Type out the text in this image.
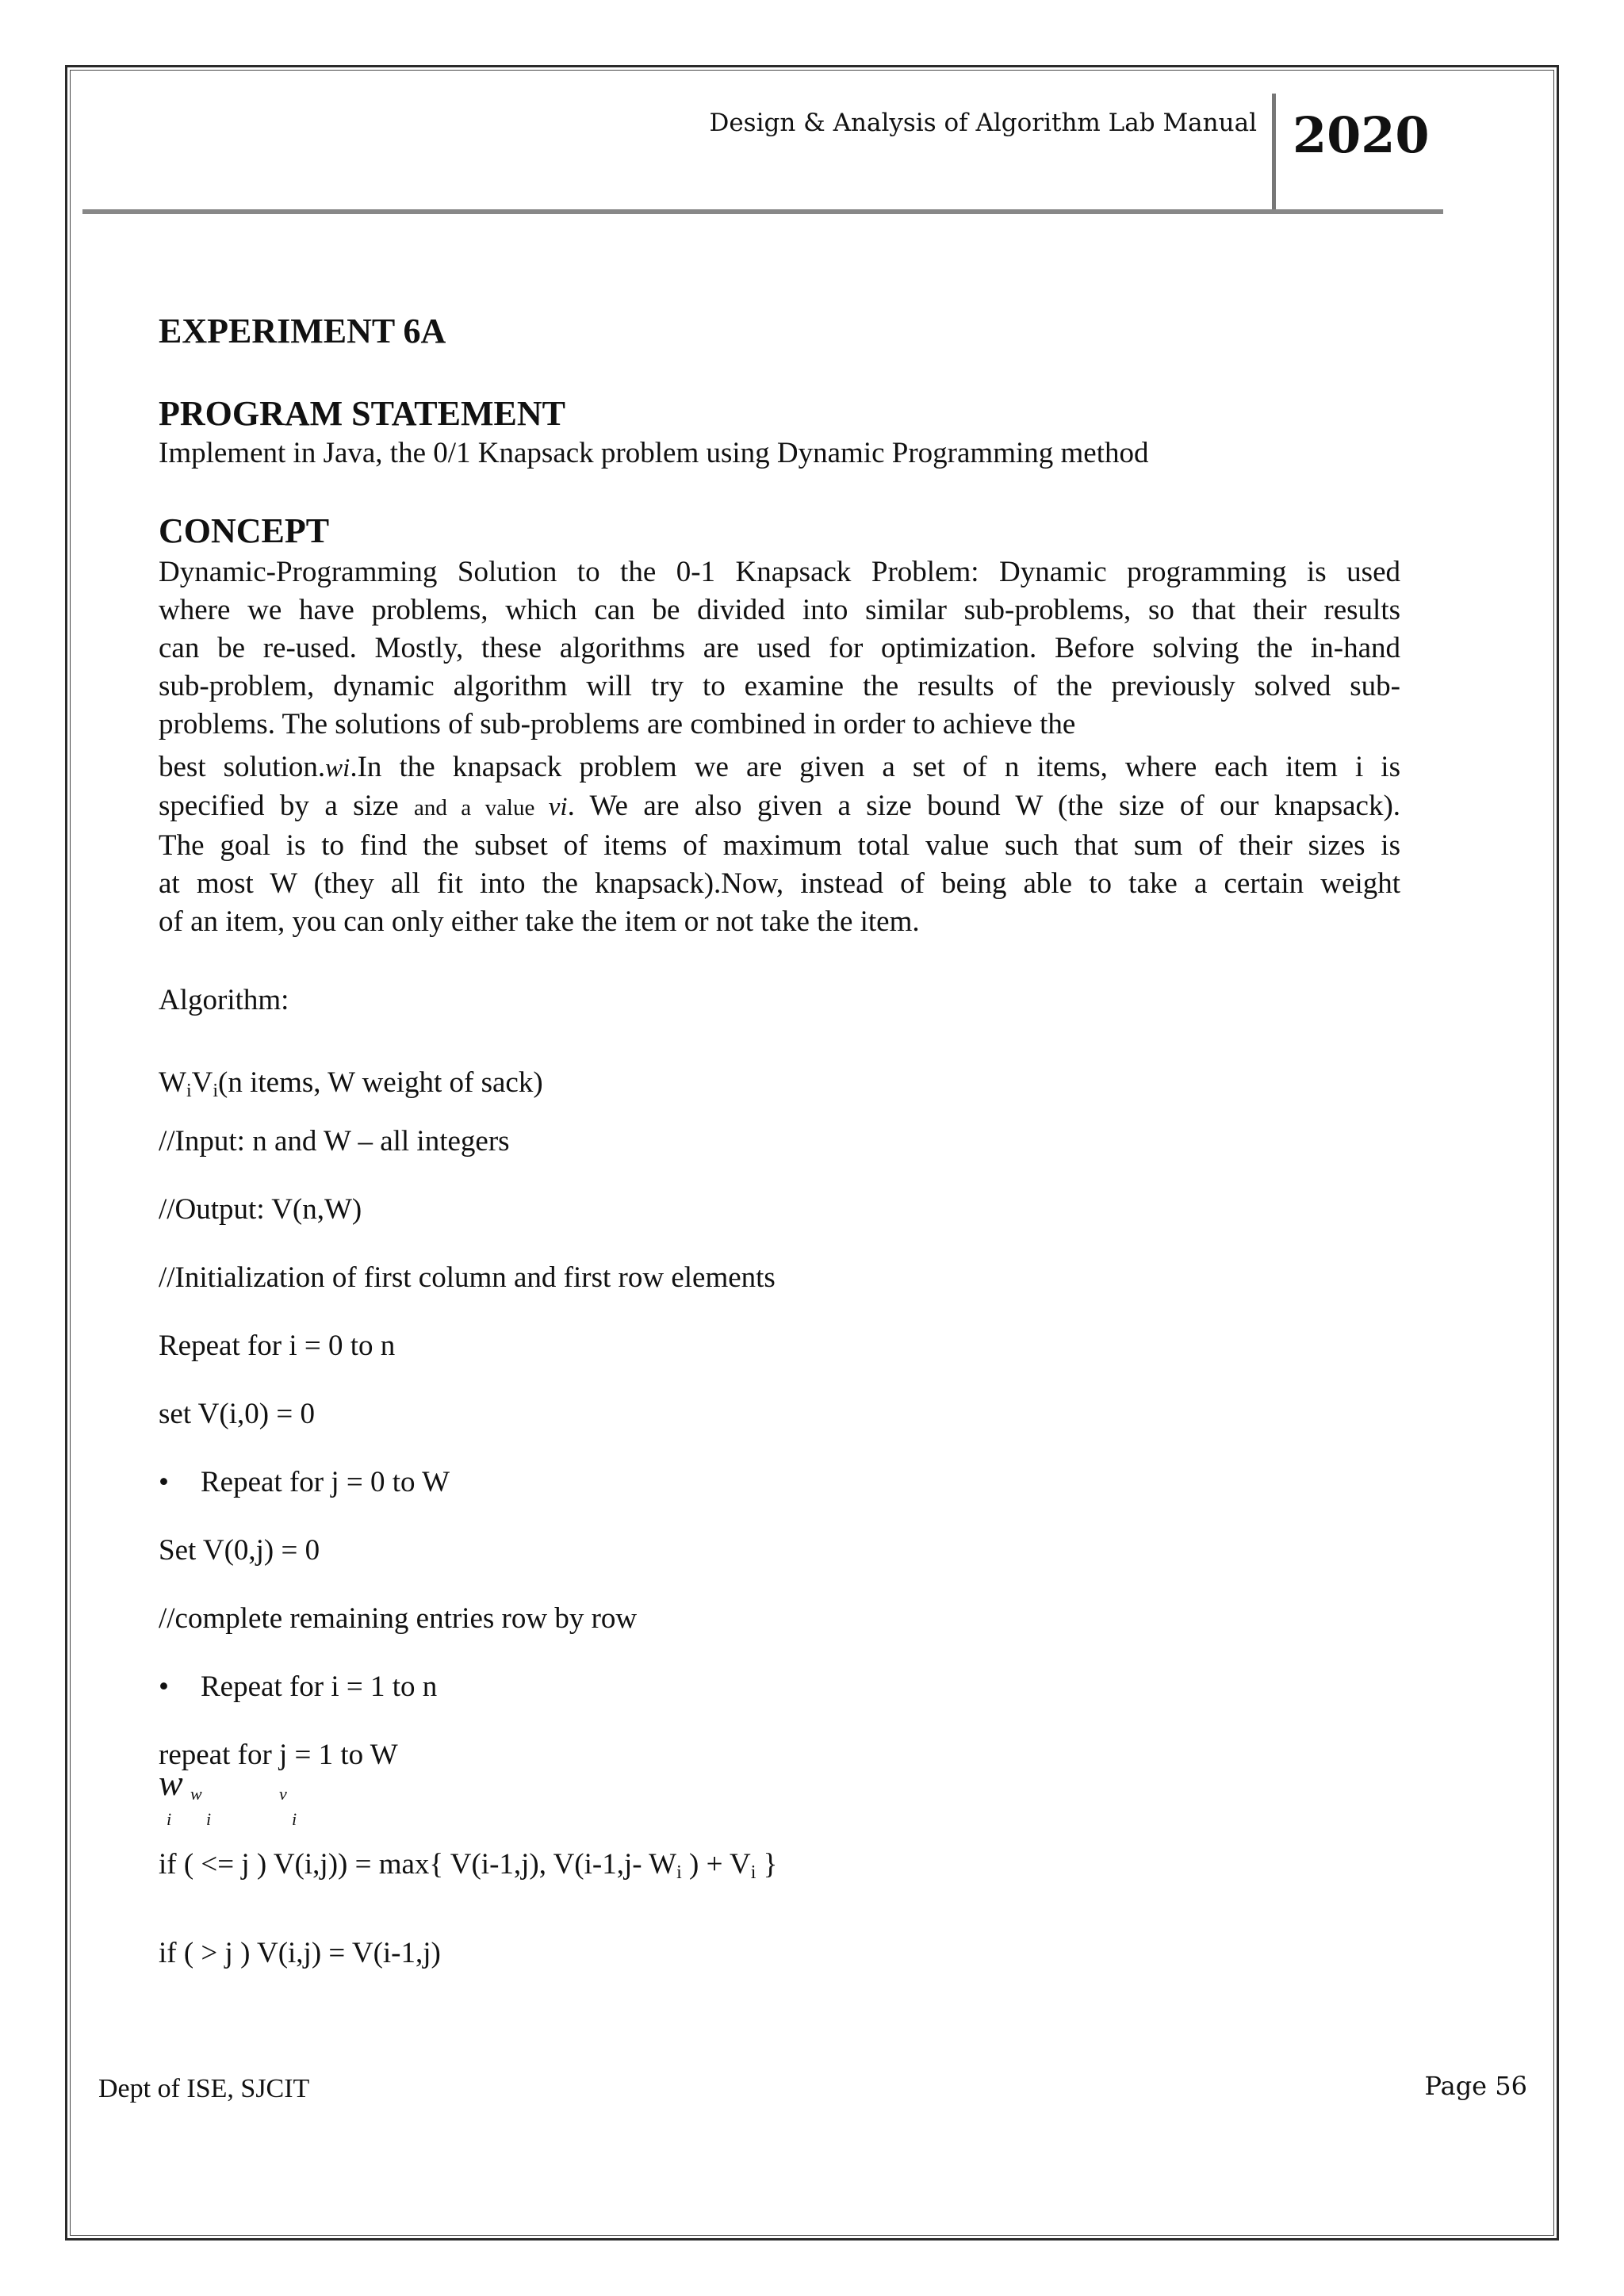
Design & Analysis of Algorithm Lab Manual 2020
EXPERIMENT 6A
PROGRAM STATEMENT
Implement in Java, the 0/1 Knapsack problem using Dynamic Programming method
CONCEPT

Dynamic-Programming Solution to the 0-1 Knapsack Problem: Dynamic programming is used

where we have problems, which can be divided into similar sub-problems, so that their results

can be re-used. Mostly, these algorithms are used for optimization. Before solving the in-hand

sub-problem, dynamic algorithm will try to examine the results of the previously solved sub-

problems. The solutions of sub-problems are combined in order to achieve the

best solution.wi.In the knapsack problem we are given a set of n items, where each item i is

specified by a size and a value vi. We are also given a size bound W (the size of our knapsack).

The goal is to find the subset of items of maximum total value such that sum of their sizes is

at most W (they all fit into the knapsack).Now, instead of being able to take a certain weight

of an item, you can only either take the item or not take the item.

Algorithm:
WiVi(n items, W weight of sack)
//Input: n and W – all integers
//Output: V(n,W)
//Initialization of first column and first row elements
Repeat for i = 0 to n
set V(i,0) = 0
• Repeat for j = 0 to W
Set V(0,j) = 0
//complete remaining entries row by row
• Repeat for i = 1 to n
repeat for j = 1 to W
w w	v
i i	i
if ( <= j ) V(i,j)) = max{ V(i-1,j), V(i-1,j- Wi ) + Vi }
if ( > j ) V(i,j) = V(i-1,j)
Dept of ISE, SJCIT	Page 56
